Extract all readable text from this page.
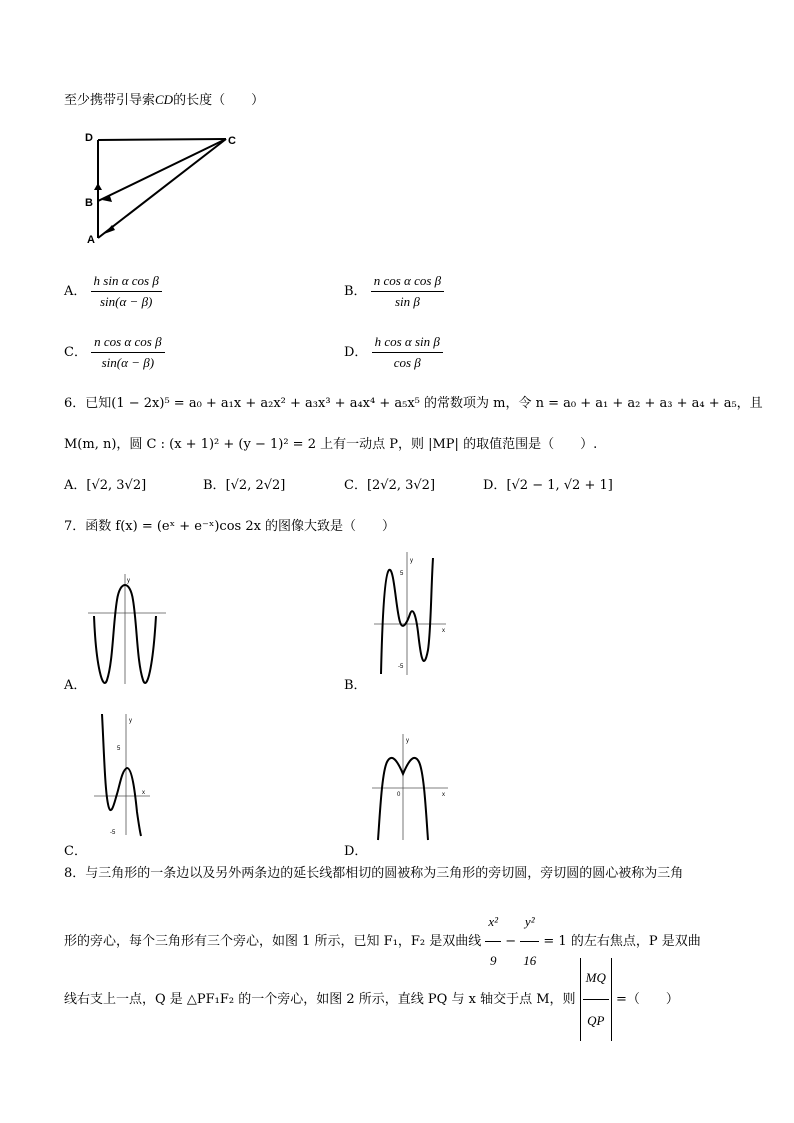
至少携带引导索CD的长度（　　）
D	C
B
A
A． $\frac{\text{h sin α cos β}}{\sin(\alpha - \beta)}$	B． $\frac{\text{n cos α cos β}}{\text{sin β}}$
C． $\frac{\text{n cos α cos β}}{\sin(\alpha - \beta)}$	D． $\frac{\text{h cos α sin β}}{\text{cos β}}$
6．已知(1 − 2x)⁵ = a₀ + a₁x + a₂x² + a₃x³ + a₄x⁴ + a₅x⁵ 的常数项为 m，令 n = a₀ + a₁ + a₂ + a₃ + a₄ + a₅，且
M(m, n)，圆 C : (x + 1)² + (y − 1)² = 2 上有一动点 P，则 |MP| 的取值范围是（　　）.
A．[√2, 3√2]	B．[√2, 2√2]	C．[2√2, 3√2]	D．[√2 − 1, √2 + 1]
7．函数 f(x) = (eˣ + e⁻ˣ)cos 2x 的图像大致是（　　）
y
A．
y
5
-5
x
B．
y
5
-5
x
C．
y
0	x
D．
8．与三角形的一条边以及另外两条边的延长线都相切的圆被称为三角形的旁切圆，旁切圆的圆心被称为三角
形的旁心，每个三角形有三个旁心，如图 1 所示，已知 F₁，F₂ 是双曲线 $\frac{\text{x²}}{9} - \frac{\text{y²}}{16} = 1$ 的左右焦点，P 是双曲
线右支上一点，Q 是 △PF₁F₂ 的一个旁心，如图 2 所示，直线 PQ 与 x 轴交于点 M，则 $\frac{MQ}{QP}$ =（　　）
